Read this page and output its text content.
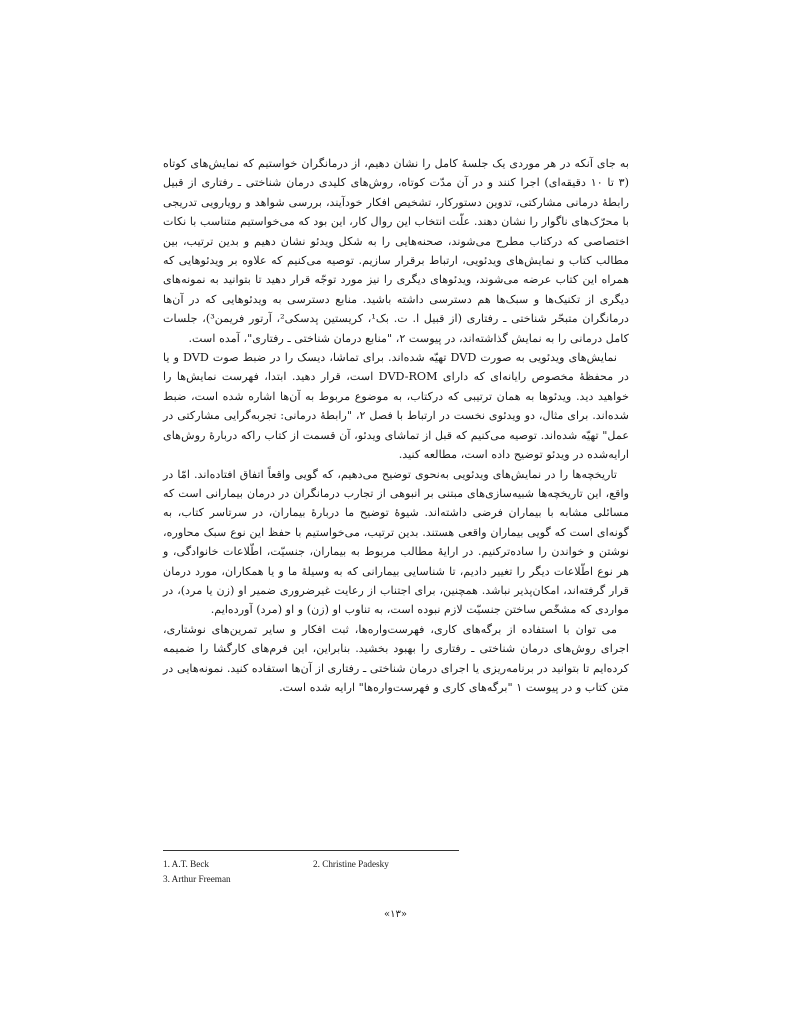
به جای آنکه در هر موردی یک جلسهٔ کامل را نشان دهیم، از درمانگران خواستیم که نمایش‌های کوتاه (۳ تا ۱۰ دقیقه‌ای) اجرا کنند و در آن مدّت کوتاه، روش‌های کلیدی درمان شناختی ـ رفتاری از قبیل رابطهٔ درمانی مشارکتی، تدوین دستورکار، تشخیص افکار خودآیند، بررسی شواهد و رویارویی تدریجی با محرّک‌های ناگوار را نشان دهند. علّت انتخاب این روال کار، این بود که می‌خواستیم متناسب با نکات اختصاصی که درکتاب مطرح می‌شوند، صحنه‌هایی را به شکل ویدئو نشان دهیم و بدین ترتیب، بین مطالب کتاب و نمایش‌های ویدئویی، ارتباط برقرار سازیم. توصیه می‌کنیم که علاوه بر ویدئوهایی که همراه این کتاب عرضه می‌شوند، ویدئوهای دیگری را نیز مورد توجّه قرار دهید تا بتوانید به نمونه‌های دیگری از تکنیک‌ها و سبک‌ها هم دسترسی داشته باشید. منابع دسترسی به ویدئوهایی که در آن‌ها درمانگران متبحّر شناختی ـ رفتاری (از قبیل ا. ت. بک¹، کریستین پدسکی²، آرتور فریمن³)، جلسات کامل درمانی را به نمایش گذاشته‌اند، در پیوست ۲، "منابع درمان شناختی ـ رفتاری"، آمده است.

نمایش‌های ویدئویی به صورت DVD تهیّه شده‌اند. برای تماشا، دیسک را در ضبط صوت DVD و یا در محفظهٔ مخصوص رایانه‌ای که دارای DVD-ROM است، قرار دهید. ابتدا، فهرست نمایش‌ها را خواهید دید. ویدئوها به همان ترتیبی که درکتاب، به موضوع مربوط به آن‌ها اشاره شده است، ضبط شده‌اند. برای مثال، دو ویدئوی نخست در ارتباط با فصل ۲، "رابطهٔ درمانی: تجربه‌گرایی مشارکتی در عمل" تهیّه شده‌اند. توصیه می‌کنیم که قبل از تماشای ویدئو، آن قسمت از کتاب راکه دربارهٔ روش‌های ارایه‌شده در ویدئو توضیح داده است، مطالعه کنید.

تاریخچه‌ها را در نمایش‌های ویدئویی به‌نحوی توضیح می‌دهیم، که گویی واقعاً اتفاق افتاده‌اند. امّا در واقع، این تاریخچه‌ها شبیه‌سازی‌های مبتنی بر انبوهی از تجارب درمانگران در درمان بیمارانی است که مسائلی مشابه با بیماران فرضی داشته‌اند. شیوهٔ توضیح ما دربارهٔ بیماران، در سرتاسر کتاب، به گونه‌ای است که گویی بیماران واقعی هستند. بدین ترتیب، می‌خواستیم با حفظ این نوع سبک محاوره، نوشتن و خواندن را ساده‌ترکنیم. در ارایهٔ مطالب مربوط به بیماران، جنسیّت، اطّلاعات خانوادگی، و هر نوع اطّلاعات دیگر را تغییر دادیم، تا شناسایی بیمارانی که به وسیلهٔ ما و یا همکاران، مورد درمان قرار گرفته‌اند، امکان‌پذیر نباشد. همچنین، برای اجتناب از رعایت غیرضروری ضمیر او (زن یا مرد)، در مواردی که مشخّص ساختن جنسیّت لازم نبوده است، به تناوب او (زن) و او (مرد) آورده‌ایم.

می توان با استفاده از برگه‌های کاری، فهرست‌واره‌ها، ثبت افکار و سایر تمرین‌های نوشتاری، اجرای روش‌های درمان شناختی ـ رفتاری را بهبود بخشید. بنابراین، این فرم‌های کارگشا را ضمیمه کرده‌ایم تا بتوانید در برنامه‌ریزی یا اجرای درمان شناختی ـ رفتاری از آن‌ها استفاده کنید. نمونه‌هایی در متن کتاب و در پیوست ۱ "برگه‌های کاری و فهرست‌واره‌ها" ارایه شده است.

1. A.T. Beck	2. Christine Padesky
3. Arthur Freeman
«۱۳»
